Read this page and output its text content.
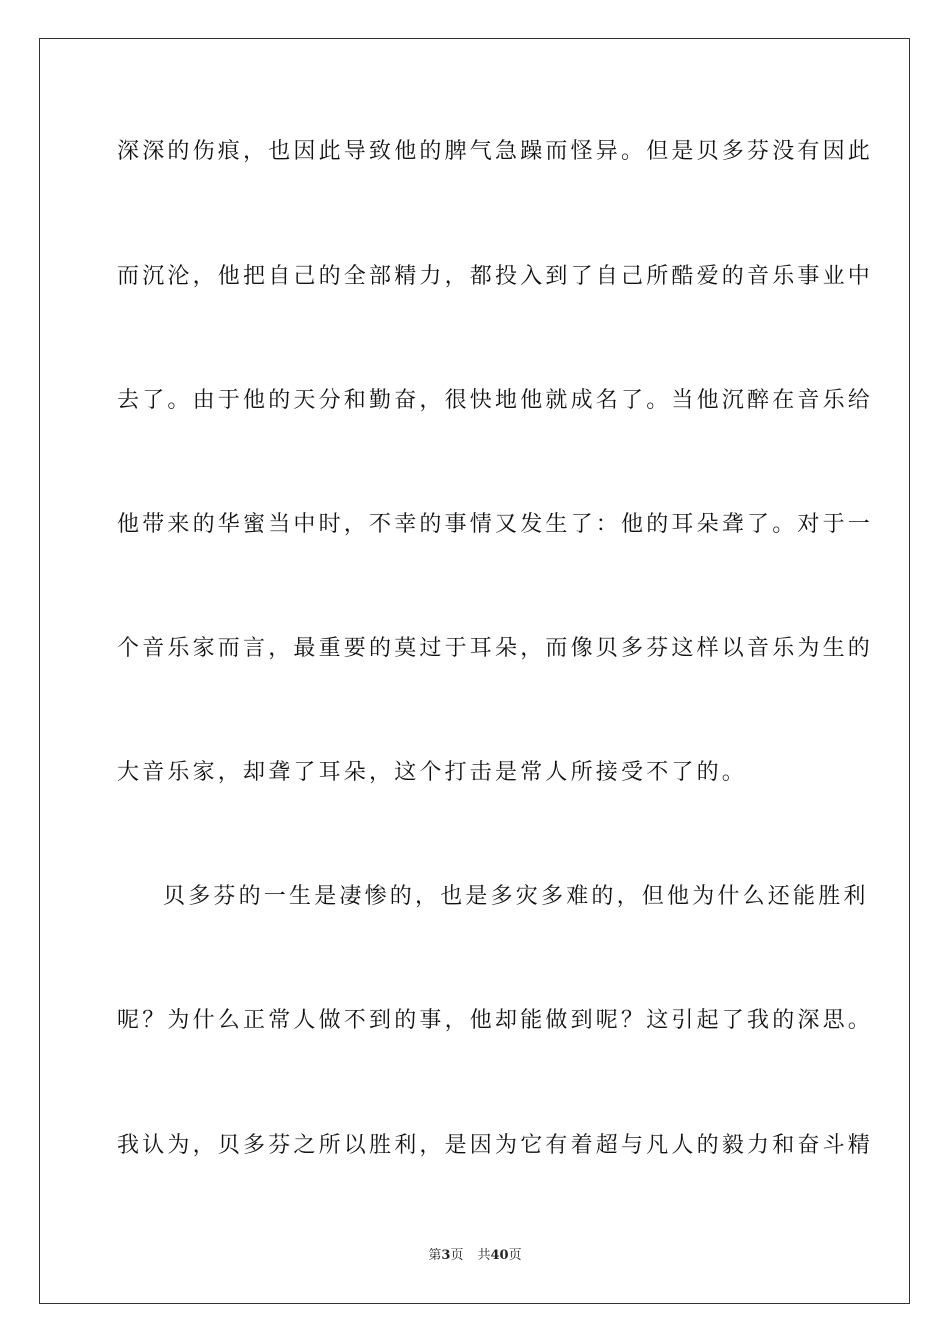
深深的伤痕，也因此导致他的脾气急躁而怪异。但是贝多芬没有因此
而沉沦，他把自己的全部精力，都投入到了自己所酷爱的音乐事业中
去了。由于他的天分和勤奋，很快地他就成名了。当他沉醉在音乐给
他带来的华蜜当中时，不幸的事情又发生了：他的耳朵聋了。对于一
个音乐家而言，最重要的莫过于耳朵，而像贝多芬这样以音乐为生的
大音乐家，却聋了耳朵，这个打击是常人所接受不了的。
贝多芬的一生是凄惨的，也是多灾多难的，但他为什么还能胜利
呢？为什么正常人做不到的事，他却能做到呢？这引起了我的深思。
我认为，贝多芬之所以胜利，是因为它有着超与凡人的毅力和奋斗精
第3页 共40页
